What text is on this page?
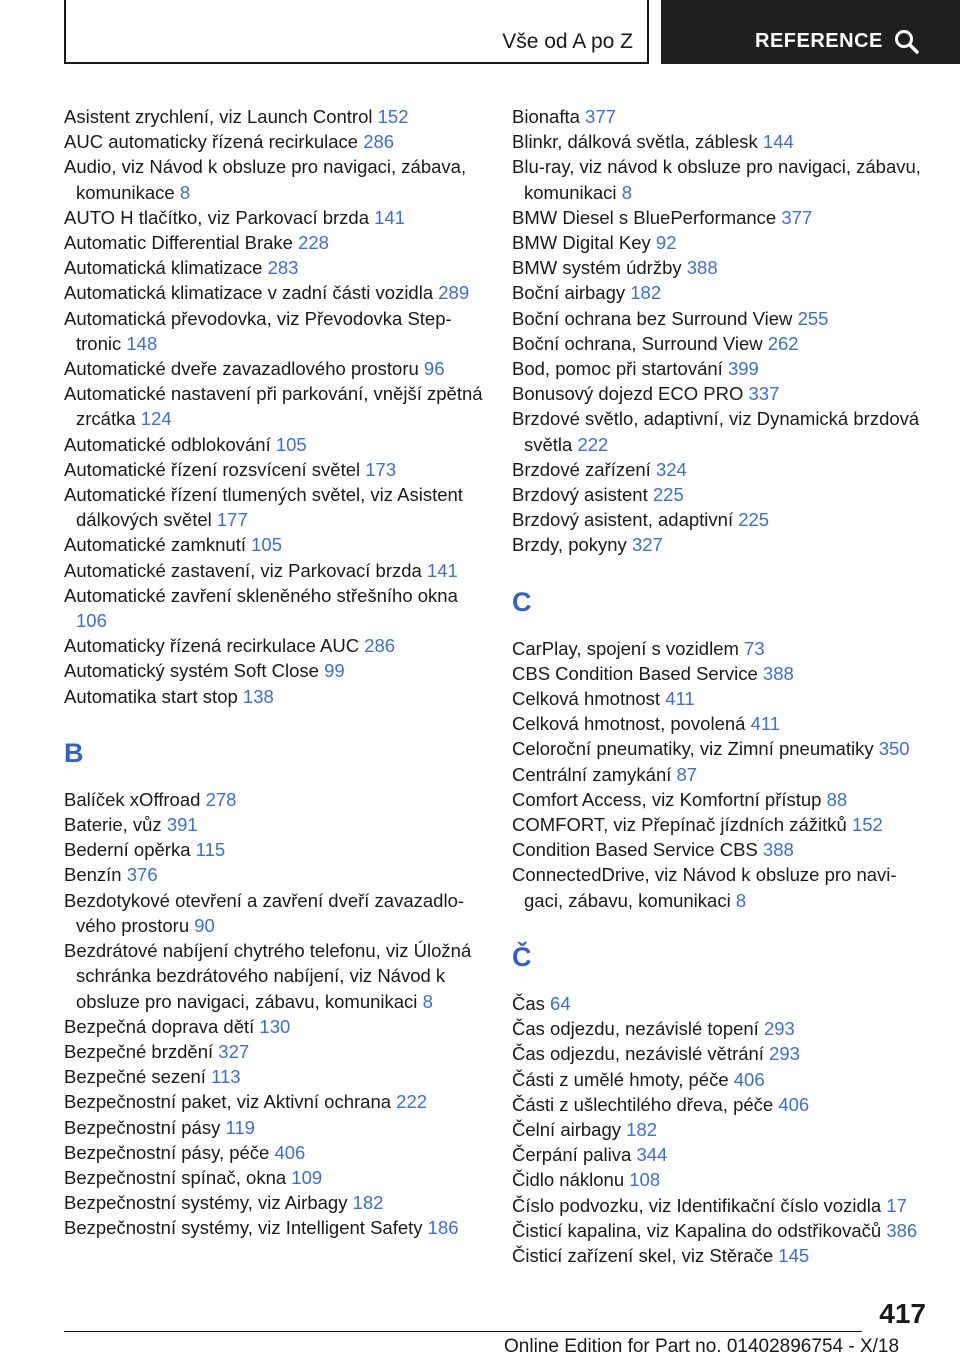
Vše od A po Z	REFERENCE
Asistent zrychlení, viz Launch Control 152
AUC automaticky řízená recirkulace 286
Audio, viz Návod k obsluze pro navigaci, zábava, komunikace 8
AUTO H tlačítko, viz Parkovací brzda 141
Automatic Differential Brake 228
Automatická klimatizace 283
Automatická klimatizace v zadní části vozidla 289
Automatická převodovka, viz Převodovka Step‐tronic 148
Automatické dveře zavazadlového prostoru 96
Automatické nastavení při parkování, vnější zpětná zrcátka 124
Automatické odblokování 105
Automatické řízení rozsvícení světel 173
Automatické řízení tlumených světel, viz Asistent dálkových světel 177
Automatické zamknutí 105
Automatické zastavení, viz Parkovací brzda 141
Automatické zavření skleněného střešního okna 106
Automaticky řízená recirkulace AUC 286
Automatický systém Soft Close 99
Automatika start stop 138
B
Balíček xOffroad 278
Baterie, vůz 391
Bederní opěrka 115
Benzín 376
Bezdotykové otevření a zavření dveří zavazadlo‐vého prostoru 90
Bezdrátové nabíjení chytrého telefonu, viz Úložná schránka bezdrátového nabíjení, viz Návod k obsluze pro navigaci, zábavu, komunikaci 8
Bezpečná doprava dětí 130
Bezpečné brzdění 327
Bezpečné sezení 113
Bezpečnostní paket, viz Aktivní ochrana 222
Bezpečnostní pásy 119
Bezpečnostní pásy, péče 406
Bezpečnostní spínač, okna 109
Bezpečnostní systémy, viz Airbagy 182
Bezpečnostní systémy, viz Intelligent Safety 186
Bionafta 377
Blinkr, dálková světla, záblesk 144
Blu-ray, viz návod k obsluze pro navigaci, zábavu, komunikaci 8
BMW Diesel s BluePerformance 377
BMW Digital Key 92
BMW systém údržby 388
Boční airbagy 182
Boční ochrana bez Surround View 255
Boční ochrana, Surround View 262
Bod, pomoc při startování 399
Bonusový dojezd ECO PRO 337
Brzdové světlo, adaptivní, viz Dynamická brzdová světla 222
Brzdové zařízení 324
Brzdový asistent 225
Brzdový asistent, adaptivní 225
Brzdy, pokyny 327
C
CarPlay, spojení s vozidlem 73
CBS Condition Based Service 388
Celková hmotnost 411
Celková hmotnost, povolená 411
Celoroční pneumatiky, viz Zimní pneumatiky 350
Centrální zamykání 87
Comfort Access, viz Komfortní přístup 88
COMFORT, viz Přepínač jízdních zážitků 152
Condition Based Service CBS 388
ConnectedDrive, viz Návod k obsluze pro navi‐gaci, zábavu, komunikaci 8
Č
Čas 64
Čas odjezdu, nezávislé topení 293
Čas odjezdu, nezávislé větrání 293
Části z umělé hmoty, péče 406
Části z ušlechtilého dřeva, péče 406
Čelní airbagy 182
Čerpání paliva 344
Čidlo náklonu 108
Číslo podvozku, viz Identifikační číslo vozidla 17
Čisticí kapalina, viz Kapalina do odstřikovačů 386
Čisticí zařízení skel, viz Stěrače 145
417
Online Edition for Part no. 01402896754 - X/18
